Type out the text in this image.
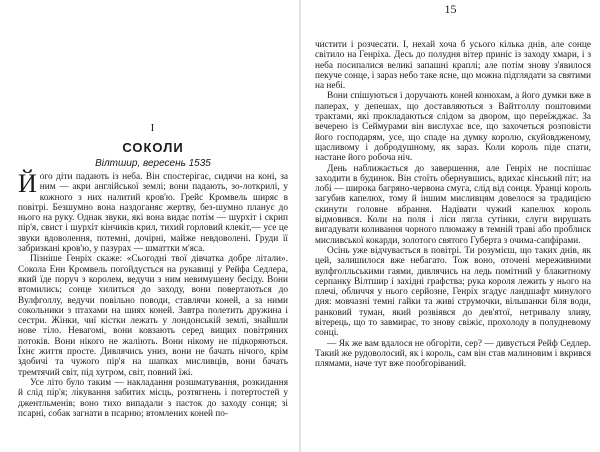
I
СОКОЛИ
Вілтшир, вересень 1535

Його діти падають із неба. Він спостерігає, сидячи на коні, за ним — акри англійської землі; вони падають, зо-лоткрилі, у кожного з них налитий кров'ю. Грейс Кромвель ширяє в повітрі. Безшумно вона наздоганяє жертву, без-шумно планує до нього на руку. Однак звуки, які вона видає потім — шурхіт і скрип пір'я, свист і шурхіт кінчиків крил, тихий горловий клекіт,— усе це звуки вдоволення, потемні, дочірні, майже невдоволені. Груди її забризкані кров'ю, у пазурах — шматтки м'яса.

Пізніше Генріх скаже: «Сьогодні твої дівчатка добре літали». Сокола Енн Кромвель погойдується на рукавиці у Рейфа Седлера, який їде поруч з королем, ведучи з ним невимушену бесіду. Вони втомились; сонце хилиться до заходу, вони повертаються до Вулфголлу, ведучи повільно поводи, ставлячи коней, а за ними сокольники з птахами на шиях коней. Завтра полетить дружина і сестри. Жінки, чиї кістки лежать у лондонській землі, знайшли нове тіло. Невагомі, вони ковзають серед вищих повітряних потоків. Вони нікого не жаліють. Вони нікому не підкоряються. Їхнє життя просте. Дивлячись униз, вони не бачать нічого, крім здобичі та чужого пір'я на шапках мисливців, вони бачать тремтячий світ, під хутром, світ, повний їжі.

Усе літо було таким — накладання розшматування, розкидання й слід пір'я; лікування забитих місць, розтягнень і потертостей у джентльменів; воно тихо випадали з пасток до заходу сонця; зі псарні, собак загнати в псарню; втомлених коней по-

15

чистити і розчесати. І, нехай хоча б усього кілька днів, але сонце світило на Генріха. Десь до полудня вітер приніс із заходу хмари, і з неба посипалися великі запашні краплі; але потім знову з'явилося пекуче сонце, і зараз небо таке ясне, що можна підглядати за святими на небі.

Вони спішуються і доручають коней конюхам, а його думки вже в паперах, у депешах, що доставляються з Вайтголлу поштовими трактами, які прокладаються слідом за двором, що переїжджає. За вечерею із Сеймурами він вислухає все, що захочеться розповісти його господарям, усе, що спаде на думку королю, скуйовдженому, щасливому і добродушному, як зараз. Коли король піде спати, настане його робоча ніч.

День наближається до завершення, але Генріх не поспішає заходити в будинок. Він стоїть обернувшись, вдихає кінський піт; на лобі — широка багряно-червона смуга, слід від сонця. Уранці король загубив капелюх, тому й іншим мисливцям довелося за традицією скинути головне вбрання. Надівати чужий капелюх король відмовився. Коли на поля і ліси лягла сутінки, слуги вирушать вигадувати коливання чорного плюмажу в темній траві або проблиск мисливської кокарди, золотого святого Губерта з очима-сапфірами.

Осінь уже відчувається в повітрі. Ти розумієш, що таких днів, як цей, залишилося вже небагато. Тож воно, оточені мереживними вулфголльськими гаями, дивлячись на ледь помітний у блакитному серпанку Вілтшир і західні графства; рука короля лежить у нього на плечі, обличчя у нього серйозне, Генріх згадує ландшафт минулого дня: мовчазні темні гайки та живі струмочки, вільшанки біля води, ранковий туман, який розвіявся до дев'ятої, нетривалу зливу, вітерець, що то завмирає, то знову свіжіє, прохолоду в полудневому сонці.

— Як же вам вдалося не обгоріти, сер? — дивується Рейф Седлер. Такий же рудоволосий, як і король, сам він став малиновим і вкрився плямами, наче тут вже пообгоріваний.
